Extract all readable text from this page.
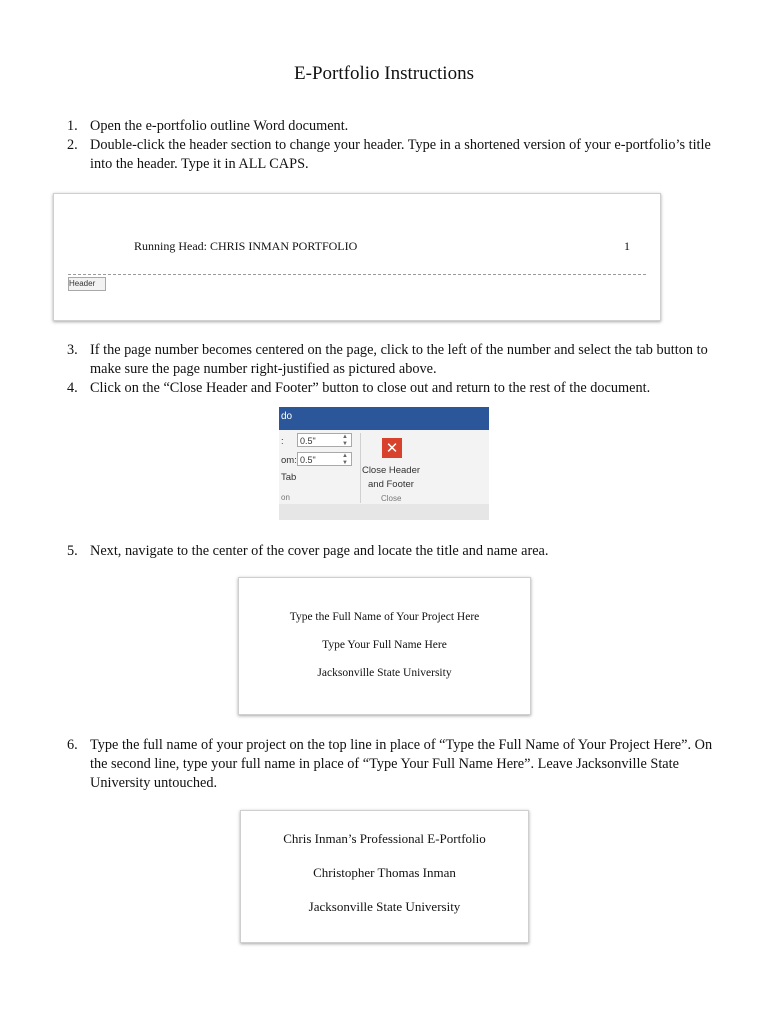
E-Portfolio Instructions
1. Open the e-portfolio outline Word document.
2. Double-click the header section to change your header. Type in a shortened version of your e-portfolio’s title into the header. Type it in ALL CAPS.
Running Head: CHRIS INMAN PORTFOLIO	1
Header
3. If the page number becomes centered on the page, click to the left of the number and select the tab button to make sure the page number right-justified as pictured above.
4. Click on the “Close Header and Footer” button to close out and return to the rest of the document.
do
:	0.5"	▲
▼
om: 0.5"	▲
▼
Tab
on
✕
Close Header
and Footer
Close
5. Next, navigate to the center of the cover page and locate the title and name area.
Type the Full Name of Your Project Here
Type Your Full Name Here
Jacksonville State University
6. Type the full name of your project on the top line in place of “Type the Full Name of Your Project Here”. On the second line, type your full name in place of “Type Your Full Name Here”. Leave Jacksonville State University untouched.
Chris Inman’s Professional E-Portfolio
Christopher Thomas Inman
Jacksonville State University
